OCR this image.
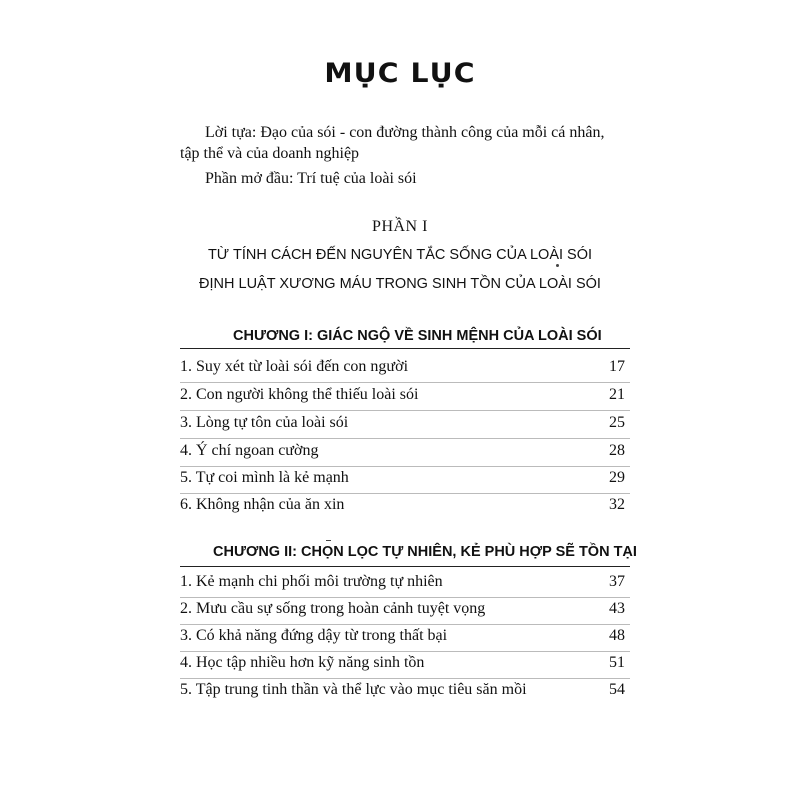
MỤC LỤC
Lời tựa: Đạo của sói - con đường thành công của mỗi cá nhân,
tập thể và của doanh nghiệp
Phần mở đầu: Trí tuệ của loài sói
PHẦN I
TỪ TÍNH CÁCH ĐẾN NGUYÊN TẮC SỐNG CỦA LOÀI SÓI
ĐỊNH LUẬT XƯƠNG MÁU TRONG SINH TỒN CỦA LOÀI SÓI
CHƯƠNG I: GIÁC NGỘ VỀ SINH MỆNH CỦA LOÀI SÓI
1. Suy xét từ loài sói đến con người	17
2. Con người không thể thiếu loài sói	21
3. Lòng tự tôn của loài sói	25
4. Ý chí ngoan cường	28
5. Tự coi mình là kẻ mạnh	29
6. Không nhận của ăn xin	32
CHƯƠNG II: CHỌN LỌC TỰ NHIÊN, KẺ PHÙ HỢP SẼ TỒN TẠI
1. Kẻ mạnh chi phối môi trường tự nhiên	37
2. Mưu cầu sự sống trong hoàn cảnh tuyệt vọng	43
3. Có khả năng đứng dậy từ trong thất bại	48
4. Học tập nhiều hơn kỹ năng sinh tồn	51
5. Tập trung tinh thần và thể lực vào mục tiêu săn mồi	54
